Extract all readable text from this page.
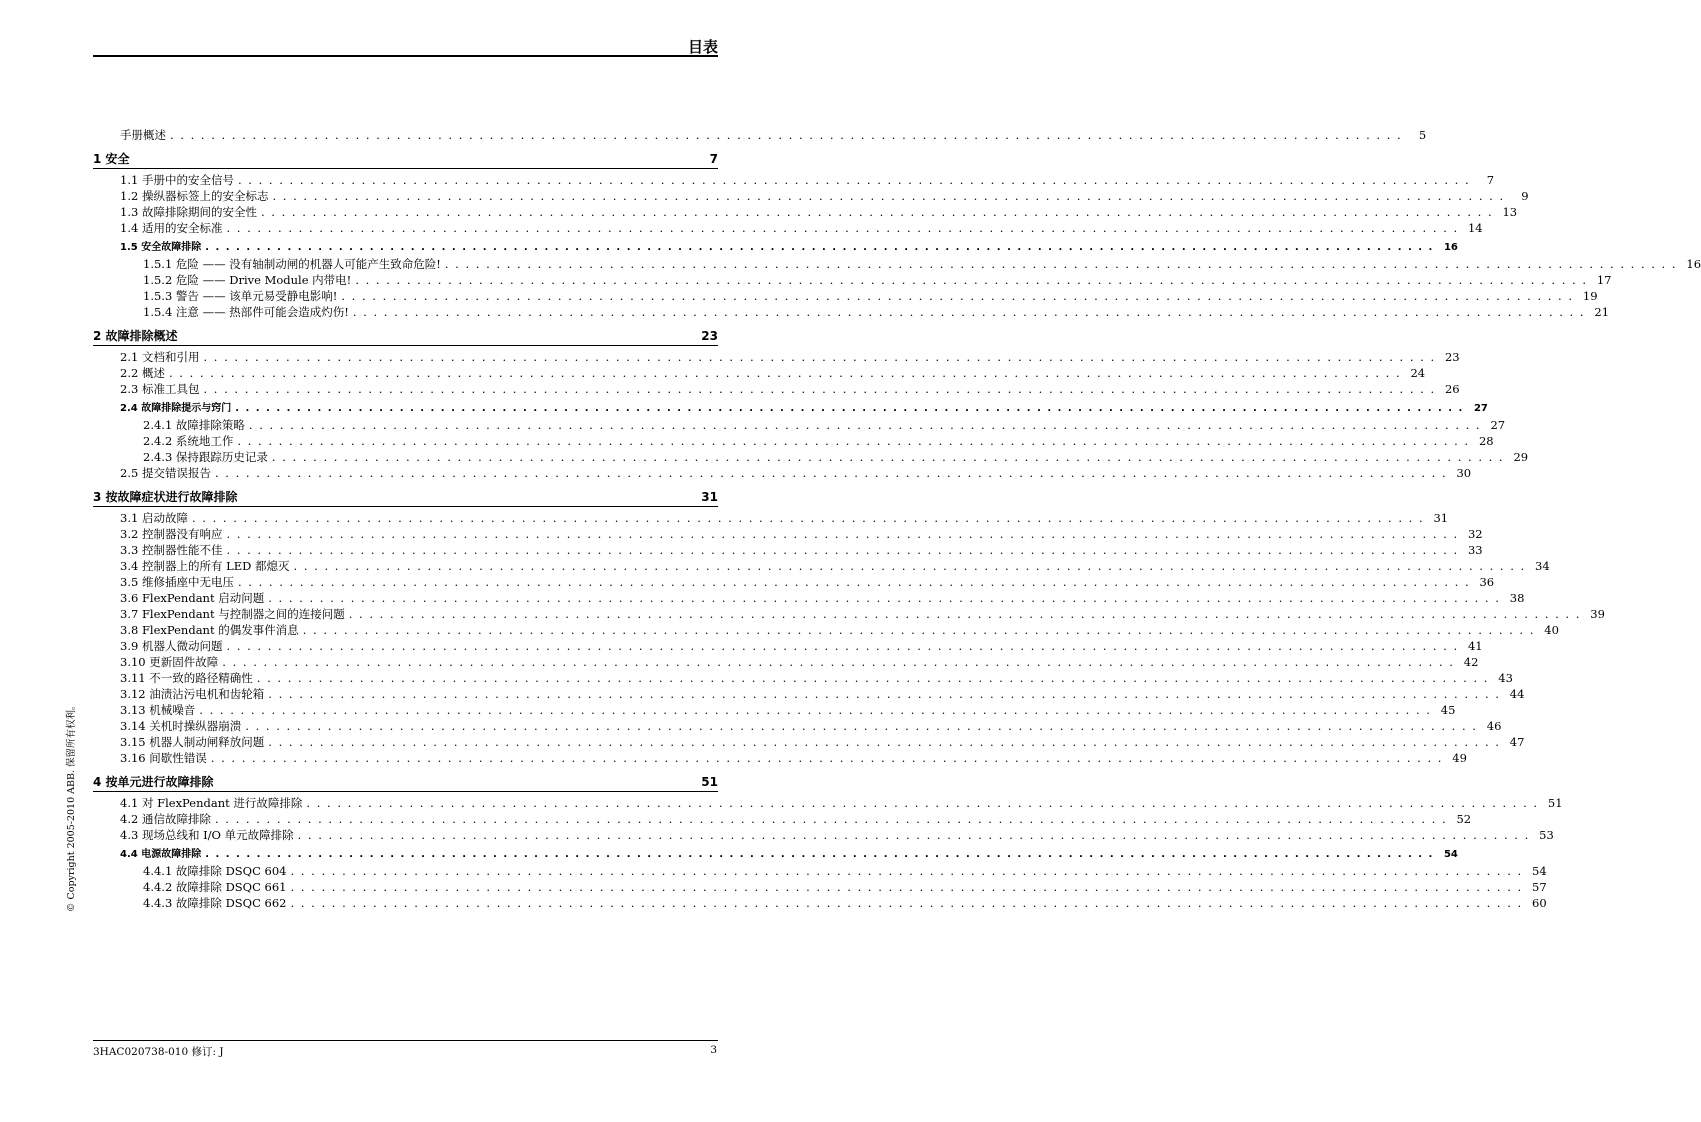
目表
手册概述 . . . . . . . . . . . . . . . . . . . . . . . . . . . . . . . . . . . . . . . . . . . . . . . . . . . . . . . . . . . . . . . . . . . . . . . . . . . . . . . . . . . . . . . . . . . . . . . . . . . . . . . . . . . . . . . . . . . . . . . .	5
1 安全	7
1.1 手册中的安全信号 . . . . . . . . . . . . . . . . . . . . . . . . . . . . . . . . . . . . . . . . . . . . . . . . . . . . . . . . . . . . . . . . . . . . . . . . . . . . . . . . . . . . . . . . . . . . . . . . . . . . . . . . . . . . . . . . . . . . . . . .	7
1.2 操纵器标签上的安全标志 . . . . . . . . . . . . . . . . . . . . . . . . . . . . . . . . . . . . . . . . . . . . . . . . . . . . . . . . . . . . . . . . . . . . . . . . . . . . . . . . . . . . . . . . . . . . . . . . . . . . . . . . . . . . . . . . . . . . . . . .	9
1.3 故障排除期间的安全性 . . . . . . . . . . . . . . . . . . . . . . . . . . . . . . . . . . . . . . . . . . . . . . . . . . . . . . . . . . . . . . . . . . . . . . . . . . . . . . . . . . . . . . . . . . . . . . . . . . . . . . . . . . . . . . . . . . . . . . . . 13
1.4 适用的安全标准 . . . . . . . . . . . . . . . . . . . . . . . . . . . . . . . . . . . . . . . . . . . . . . . . . . . . . . . . . . . . . . . . . . . . . . . . . . . . . . . . . . . . . . . . . . . . . . . . . . . . . . . . . . . . . . . . . . . . . . . . 14
1.5 安全故障排除 . . . . . . . . . . . . . . . . . . . . . . . . . . . . . . . . . . . . . . . . . . . . . . . . . . . . . . . . . . . . . . . . . . . . . . . . . . . . . . . . . . . . . . . . . . . . . . . . . . . . . . . . . . . . . . . . . . . . . . . .	16
1.5.1 危险 —— 没有轴制动闸的机器人可能产生致命危险! . . . . . . . . . . . . . . . . . . . . . . . . . . . . . . . . . . . . . . . . . . . . . . . . . . . . . . . . . . . . . . . . . . . . . . . . . . . . . . . . . . . . . . . . . . . . . . . . . . . . . . . . . . . . . . . . . . . . . . . . 16
1.5.2 危险 —— Drive Module 内带电! . . . . . . . . . . . . . . . . . . . . . . . . . . . . . . . . . . . . . . . . . . . . . . . . . . . . . . . . . . . . . . . . . . . . . . . . . . . . . . . . . . . . . . . . . . . . . . . . . . . . . . . . . . . . . . . . . . . . . . . . 17
1.5.3 警告 —— 该单元易受静电影响! . . . . . . . . . . . . . . . . . . . . . . . . . . . . . . . . . . . . . . . . . . . . . . . . . . . . . . . . . . . . . . . . . . . . . . . . . . . . . . . . . . . . . . . . . . . . . . . . . . . . . . . . . . . . . . . . . . . . . . . . 19
1.5.4 注意 —— 热部件可能会造成灼伤! . . . . . . . . . . . . . . . . . . . . . . . . . . . . . . . . . . . . . . . . . . . . . . . . . . . . . . . . . . . . . . . . . . . . . . . . . . . . . . . . . . . . . . . . . . . . . . . . . . . . . . . . . . . . . . . . . . . . . . . . 21
2 故障排除概述	23
2.1 文档和引用 . . . . . . . . . . . . . . . . . . . . . . . . . . . . . . . . . . . . . . . . . . . . . . . . . . . . . . . . . . . . . . . . . . . . . . . . . . . . . . . . . . . . . . . . . . . . . . . . . . . . . . . . . . . . . . . . . . . . . . . . 23
2.2 概述 . . . . . . . . . . . . . . . . . . . . . . . . . . . . . . . . . . . . . . . . . . . . . . . . . . . . . . . . . . . . . . . . . . . . . . . . . . . . . . . . . . . . . . . . . . . . . . . . . . . . . . . . . . . . . . . . . . . . . . . . 24
2.3 标准工具包 . . . . . . . . . . . . . . . . . . . . . . . . . . . . . . . . . . . . . . . . . . . . . . . . . . . . . . . . . . . . . . . . . . . . . . . . . . . . . . . . . . . . . . . . . . . . . . . . . . . . . . . . . . . . . . . . . . . . . . . . 26
2.4 故障排除提示与窍门 . . . . . . . . . . . . . . . . . . . . . . . . . . . . . . . . . . . . . . . . . . . . . . . . . . . . . . . . . . . . . . . . . . . . . . . . . . . . . . . . . . . . . . . . . . . . . . . . . . . . . . . . . . . . . . . . . . . . . . . .	27
2.4.1 故障排除策略 . . . . . . . . . . . . . . . . . . . . . . . . . . . . . . . . . . . . . . . . . . . . . . . . . . . . . . . . . . . . . . . . . . . . . . . . . . . . . . . . . . . . . . . . . . . . . . . . . . . . . . . . . . . . . . . . . . . . . . . . 27
2.4.2 系统地工作 . . . . . . . . . . . . . . . . . . . . . . . . . . . . . . . . . . . . . . . . . . . . . . . . . . . . . . . . . . . . . . . . . . . . . . . . . . . . . . . . . . . . . . . . . . . . . . . . . . . . . . . . . . . . . . . . . . . . . . . . 28
2.4.3 保持跟踪历史记录 . . . . . . . . . . . . . . . . . . . . . . . . . . . . . . . . . . . . . . . . . . . . . . . . . . . . . . . . . . . . . . . . . . . . . . . . . . . . . . . . . . . . . . . . . . . . . . . . . . . . . . . . . . . . . . . . . . . . . . . . 29
2.5 提交错误报告 . . . . . . . . . . . . . . . . . . . . . . . . . . . . . . . . . . . . . . . . . . . . . . . . . . . . . . . . . . . . . . . . . . . . . . . . . . . . . . . . . . . . . . . . . . . . . . . . . . . . . . . . . . . . . . . . . . . . . . . . 30
3 按故障症状进行故障排除	31
3.1 启动故障 . . . . . . . . . . . . . . . . . . . . . . . . . . . . . . . . . . . . . . . . . . . . . . . . . . . . . . . . . . . . . . . . . . . . . . . . . . . . . . . . . . . . . . . . . . . . . . . . . . . . . . . . . . . . . . . . . . . . . . . . 31
3.2 控制器没有响应 . . . . . . . . . . . . . . . . . . . . . . . . . . . . . . . . . . . . . . . . . . . . . . . . . . . . . . . . . . . . . . . . . . . . . . . . . . . . . . . . . . . . . . . . . . . . . . . . . . . . . . . . . . . . . . . . . . . . . . . . 32
3.3 控制器性能不佳 . . . . . . . . . . . . . . . . . . . . . . . . . . . . . . . . . . . . . . . . . . . . . . . . . . . . . . . . . . . . . . . . . . . . . . . . . . . . . . . . . . . . . . . . . . . . . . . . . . . . . . . . . . . . . . . . . . . . . . . . 33
3.4 控制器上的所有 LED 都熄灭 . . . . . . . . . . . . . . . . . . . . . . . . . . . . . . . . . . . . . . . . . . . . . . . . . . . . . . . . . . . . . . . . . . . . . . . . . . . . . . . . . . . . . . . . . . . . . . . . . . . . . . . . . . . . . . . . . . . . . . . . 34
3.5 维修插座中无电压 . . . . . . . . . . . . . . . . . . . . . . . . . . . . . . . . . . . . . . . . . . . . . . . . . . . . . . . . . . . . . . . . . . . . . . . . . . . . . . . . . . . . . . . . . . . . . . . . . . . . . . . . . . . . . . . . . . . . . . . . 36
3.6 FlexPendant 启动问题 . . . . . . . . . . . . . . . . . . . . . . . . . . . . . . . . . . . . . . . . . . . . . . . . . . . . . . . . . . . . . . . . . . . . . . . . . . . . . . . . . . . . . . . . . . . . . . . . . . . . . . . . . . . . . . . . . . . . . . . . 38
3.7 FlexPendant 与控制器之间的连接问题 . . . . . . . . . . . . . . . . . . . . . . . . . . . . . . . . . . . . . . . . . . . . . . . . . . . . . . . . . . . . . . . . . . . . . . . . . . . . . . . . . . . . . . . . . . . . . . . . . . . . . . . . . . . . . . . . . . . . . . . . 39
3.8 FlexPendant 的偶发事件消息 . . . . . . . . . . . . . . . . . . . . . . . . . . . . . . . . . . . . . . . . . . . . . . . . . . . . . . . . . . . . . . . . . . . . . . . . . . . . . . . . . . . . . . . . . . . . . . . . . . . . . . . . . . . . . . . . . . . . . . . . 40
3.9 机器人微动问题 . . . . . . . . . . . . . . . . . . . . . . . . . . . . . . . . . . . . . . . . . . . . . . . . . . . . . . . . . . . . . . . . . . . . . . . . . . . . . . . . . . . . . . . . . . . . . . . . . . . . . . . . . . . . . . . . . . . . . . . . 41
3.10 更新固件故障 . . . . . . . . . . . . . . . . . . . . . . . . . . . . . . . . . . . . . . . . . . . . . . . . . . . . . . . . . . . . . . . . . . . . . . . . . . . . . . . . . . . . . . . . . . . . . . . . . . . . . . . . . . . . . . . . . . . . . . . . 42
3.11 不一致的路径精确性 . . . . . . . . . . . . . . . . . . . . . . . . . . . . . . . . . . . . . . . . . . . . . . . . . . . . . . . . . . . . . . . . . . . . . . . . . . . . . . . . . . . . . . . . . . . . . . . . . . . . . . . . . . . . . . . . . . . . . . . . 43
3.12 油渍沾污电机和齿轮箱 . . . . . . . . . . . . . . . . . . . . . . . . . . . . . . . . . . . . . . . . . . . . . . . . . . . . . . . . . . . . . . . . . . . . . . . . . . . . . . . . . . . . . . . . . . . . . . . . . . . . . . . . . . . . . . . . . . . . . . . . 44
3.13 机械噪音 . . . . . . . . . . . . . . . . . . . . . . . . . . . . . . . . . . . . . . . . . . . . . . . . . . . . . . . . . . . . . . . . . . . . . . . . . . . . . . . . . . . . . . . . . . . . . . . . . . . . . . . . . . . . . . . . . . . . . . . . 45
3.14 关机时操纵器崩溃 . . . . . . . . . . . . . . . . . . . . . . . . . . . . . . . . . . . . . . . . . . . . . . . . . . . . . . . . . . . . . . . . . . . . . . . . . . . . . . . . . . . . . . . . . . . . . . . . . . . . . . . . . . . . . . . . . . . . . . . . 46
3.15 机器人制动闸释放问题 . . . . . . . . . . . . . . . . . . . . . . . . . . . . . . . . . . . . . . . . . . . . . . . . . . . . . . . . . . . . . . . . . . . . . . . . . . . . . . . . . . . . . . . . . . . . . . . . . . . . . . . . . . . . . . . . . . . . . . . . 47
3.16 间歇性错误 . . . . . . . . . . . . . . . . . . . . . . . . . . . . . . . . . . . . . . . . . . . . . . . . . . . . . . . . . . . . . . . . . . . . . . . . . . . . . . . . . . . . . . . . . . . . . . . . . . . . . . . . . . . . . . . . . . . . . . . . 49
4 按单元进行故障排除	51
4.1 对 FlexPendant 进行故障排除 . . . . . . . . . . . . . . . . . . . . . . . . . . . . . . . . . . . . . . . . . . . . . . . . . . . . . . . . . . . . . . . . . . . . . . . . . . . . . . . . . . . . . . . . . . . . . . . . . . . . . . . . . . . . . . . . . . . . . . . . 51
4.2 通信故障排除 . . . . . . . . . . . . . . . . . . . . . . . . . . . . . . . . . . . . . . . . . . . . . . . . . . . . . . . . . . . . . . . . . . . . . . . . . . . . . . . . . . . . . . . . . . . . . . . . . . . . . . . . . . . . . . . . . . . . . . . . 52
4.3 现场总线和 I/O 单元故障排除 . . . . . . . . . . . . . . . . . . . . . . . . . . . . . . . . . . . . . . . . . . . . . . . . . . . . . . . . . . . . . . . . . . . . . . . . . . . . . . . . . . . . . . . . . . . . . . . . . . . . . . . . . . . . . . . . . . . . . . . . 53
4.4 电源故障排除 . . . . . . . . . . . . . . . . . . . . . . . . . . . . . . . . . . . . . . . . . . . . . . . . . . . . . . . . . . . . . . . . . . . . . . . . . . . . . . . . . . . . . . . . . . . . . . . . . . . . . . . . . . . . . . . . . . . . . . . .	54
4.4.1 故障排除 DSQC 604 . . . . . . . . . . . . . . . . . . . . . . . . . . . . . . . . . . . . . . . . . . . . . . . . . . . . . . . . . . . . . . . . . . . . . . . . . . . . . . . . . . . . . . . . . . . . . . . . . . . . . . . . . . . . . . . . . . . . . . . . 54
4.4.2 故障排除 DSQC 661 . . . . . . . . . . . . . . . . . . . . . . . . . . . . . . . . . . . . . . . . . . . . . . . . . . . . . . . . . . . . . . . . . . . . . . . . . . . . . . . . . . . . . . . . . . . . . . . . . . . . . . . . . . . . . . . . . . . . . . . . 57
4.4.3 故障排除 DSQC 662 . . . . . . . . . . . . . . . . . . . . . . . . . . . . . . . . . . . . . . . . . . . . . . . . . . . . . . . . . . . . . . . . . . . . . . . . . . . . . . . . . . . . . . . . . . . . . . . . . . . . . . . . . . . . . . . . . . . . . . . . 60
© Copyright 2005-2010 ABB. 保留所有权利。
3HAC020738-010 修订: J	3
